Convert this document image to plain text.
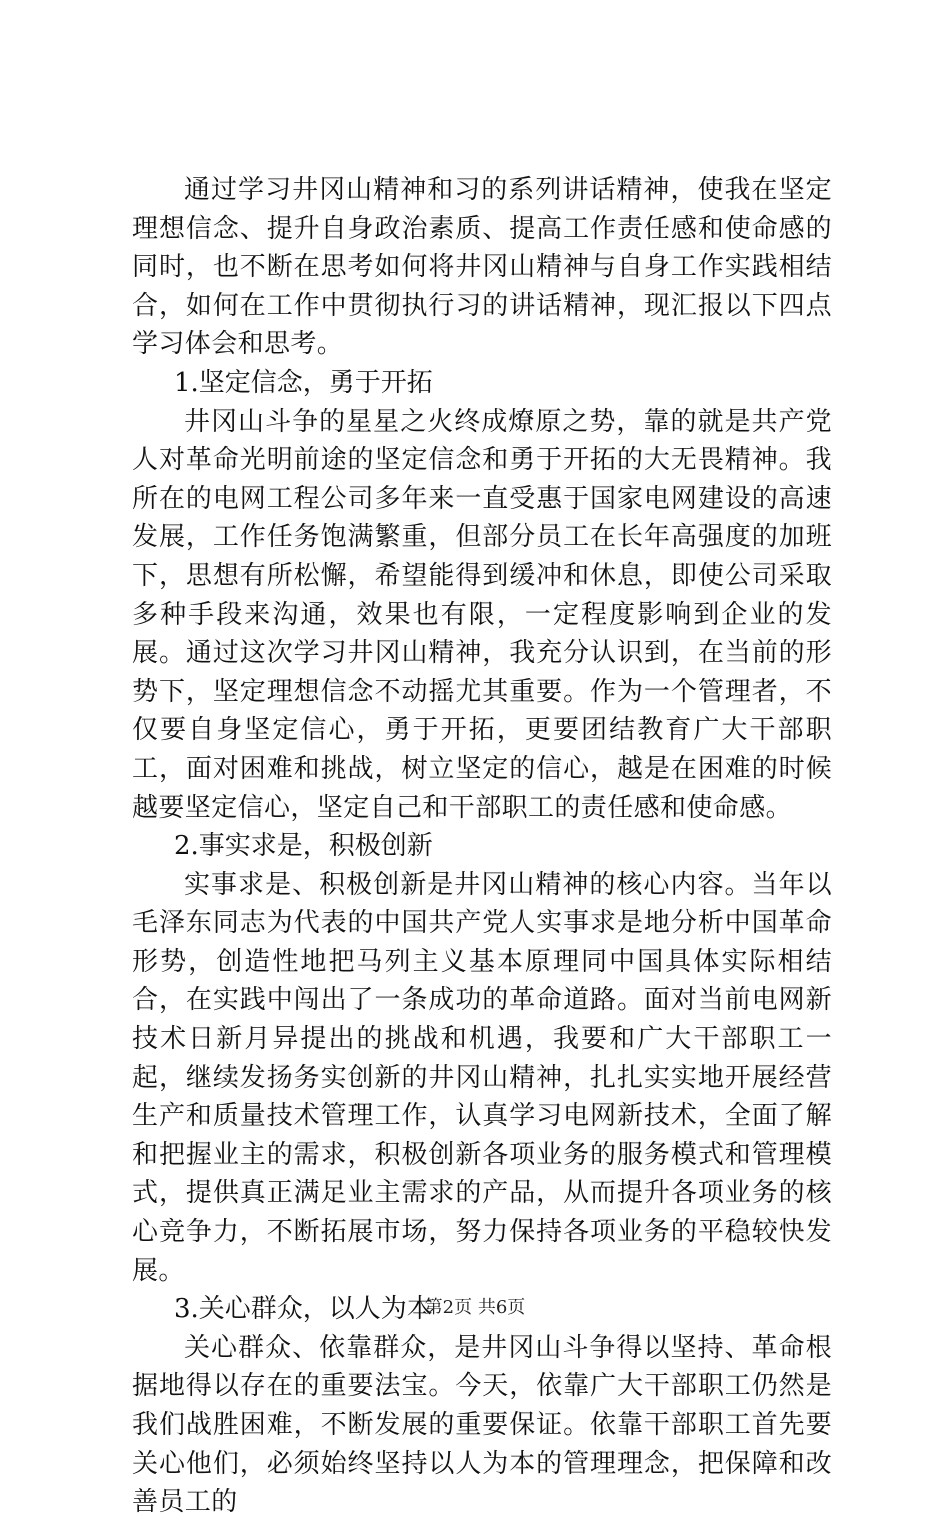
通过学习井冈山精神和习的系列讲话精神，使我在坚定理想信念、提升自身政治素质、提高工作责任感和使命感的同时，也不断在思考如何将井冈山精神与自身工作实践相结合，如何在工作中贯彻执行习的讲话精神，现汇报以下四点学习体会和思考。

1.坚定信念，勇于开拓

井冈山斗争的星星之火终成燎原之势，靠的就是共产党人对革命光明前途的坚定信念和勇于开拓的大无畏精神。我所在的电网工程公司多年来一直受惠于国家电网建设的高速发展，工作任务饱满繁重，但部分员工在长年高强度的加班下，思想有所松懈，希望能得到缓冲和休息，即使公司采取多种手段来沟通，效果也有限，一定程度影响到企业的发展。通过这次学习井冈山精神，我充分认识到，在当前的形势下，坚定理想信念不动摇尤其重要。作为一个管理者，不仅要自身坚定信心，勇于开拓，更要团结教育广大干部职工，面对困难和挑战，树立坚定的信心，越是在困难的时候越要坚定信心，坚定自己和干部职工的责任感和使命感。

2.事实求是，积极创新

实事求是、积极创新是井冈山精神的核心内容。当年以毛泽东同志为代表的中国共产党人实事求是地分析中国革命形势，创造性地把马列主义基本原理同中国具体实际相结合，在实践中闯出了一条成功的革命道路。面对当前电网新技术日新月异提出的挑战和机遇，我要和广大干部职工一起，继续发扬务实创新的井冈山精神，扎扎实实地开展经营生产和质量技术管理工作，认真学习电网新技术，全面了解和把握业主的需求，积极创新各项业务的服务模式和管理模式，提供真正满足业主需求的产品，从而提升各项业务的核心竞争力，不断拓展市场，努力保持各项业务的平稳较快发展。

3.关心群众，以人为本

关心群众、依靠群众，是井冈山斗争得以坚持、革命根据地得以存在的重要法宝。今天，依靠广大干部职工仍然是我们战胜困难，不断发展的重要保证。依靠干部职工首先要关心他们，必须始终坚持以人为本的管理理念，把保障和改善员工的

第2页 共6页
